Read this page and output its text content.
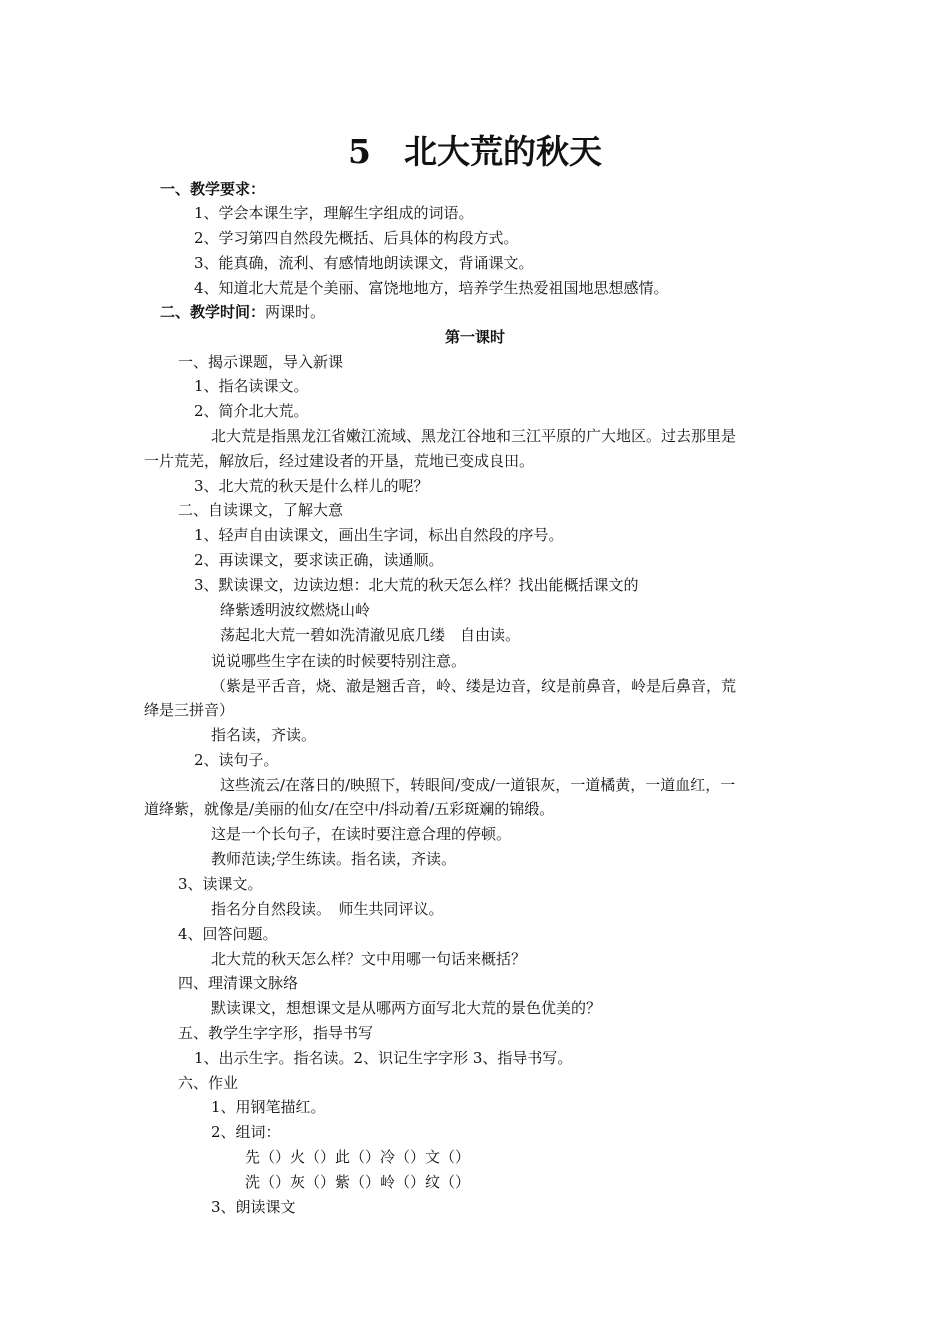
5　北大荒的秋天
一、教学要求：
1、学会本课生字，理解生字组成的词语。
2、学习第四自然段先概括、后具体的构段方式。
3、能真确，流利、有感情地朗读课文，背诵课文。
4、知道北大荒是个美丽、富饶地地方，培养学生热爱祖国地思想感情。
二、教学时间：两课时。
第一课时
一、揭示课题，导入新课
1、指名读课文。
2、简介北大荒。
北大荒是指黑龙江省嫩江流域、黑龙江谷地和三江平原的广大地区。过去那里是
一片荒芜，解放后，经过建设者的开垦，荒地已变成良田。
3、北大荒的秋天是什么样儿的呢？
二、自读课文，了解大意
1、轻声自由读课文，画出生字词，标出自然段的序号。
2、再读课文，要求读正确，读通顺。
3、默读课文，边读边想：北大荒的秋天怎么样？找出能概括课文的
绛紫透明波纹燃烧山岭
荡起北大荒一碧如洗清澈见底几缕　自由读。
说说哪些生字在读的时候要特别注意。
（紫是平舌音，烧、澈是翘舌音，岭、缕是边音，纹是前鼻音，岭是后鼻音，荒
绛是三拼音）
指名读，齐读。
2、读句子。
这些流云/在落日的/映照下，转眼间/变成/一道银灰，一道橘黄，一道血红，一
道绛紫，就像是/美丽的仙女/在空中/抖动着/五彩斑斓的锦缎。
这是一个长句子，在读时要注意合理的停顿。
教师范读;学生练读。指名读，齐读。
3、读课文。
指名分自然段读。　师生共同评议。
4、回答问题。
北大荒的秋天怎么样？文中用哪一句话来概括？
四、理清课文脉络
默读课文，想想课文是从哪两方面写北大荒的景色优美的？
五、教学生字字形，指导书写
1、出示生字。指名读。2、识记生字字形 3、指导书写。
六、作业
1、用钢笔描红。
2、组词：
先（）火（）此（）冷（）文（）
洗（）灰（）紫（）岭（）纹（）
3、朗读课文
